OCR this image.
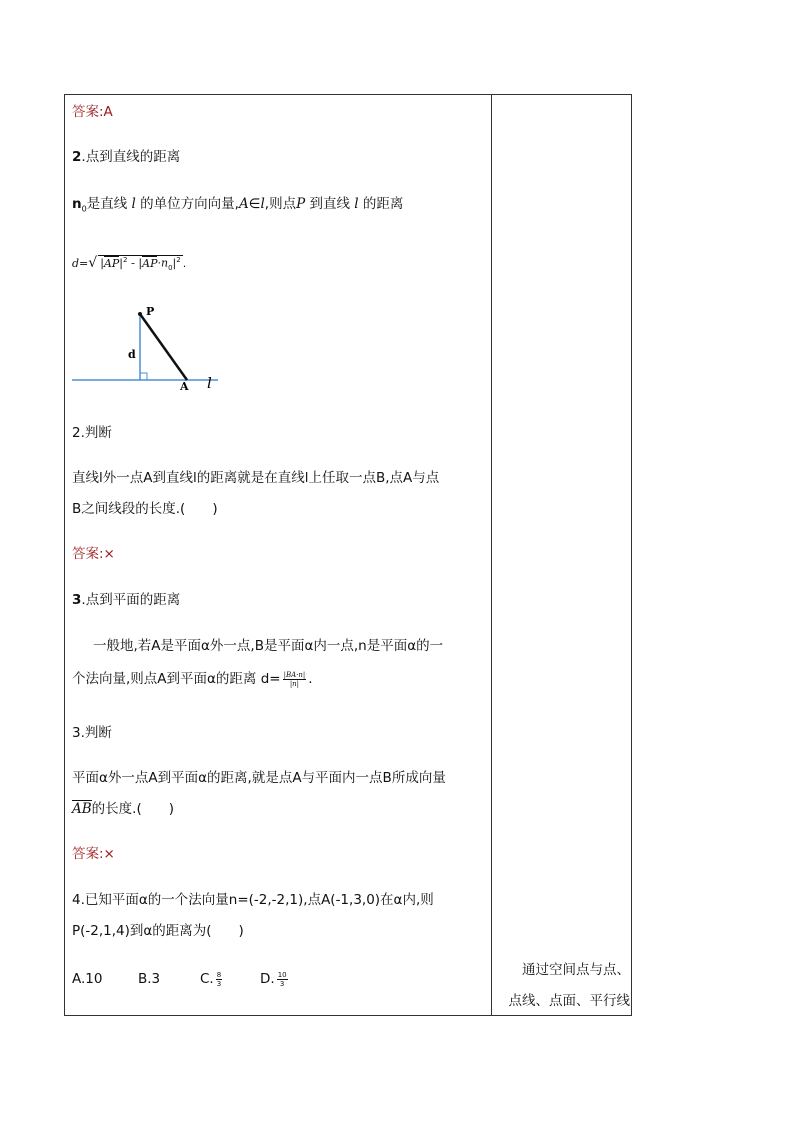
答案:A
2.点到直线的距离
$n_0$是直线 l 的单位方向向量,A∈l,则点P 到直线 l 的距离
d=√ $|AP|^2 - |AP\cdot n_0|^2$ .
P
d
A l
2.判断
直线l外一点A到直线l的距离就是在直线l上任取一点B,点A与点
B之间线段的长度.(　　)
答案:×
3.点到平面的距离
一般地,若A是平面α外一点,B是平面α内一点,n是平面α的一
个法向量,则点A到平面α的距离 $d= \frac{|BA\cdot n|}{|n|}$ .
3.判断
平面α外一点A到平面α的距离,就是点A与平面内一点B所成向量
AB的长度.(　　)
答案:×
4.已知平面α的一个法向量n=(-2,-2,1),点A(-1,3,0)在α内,则
P(-2,1,4)到α的距离为(　　)
A.10	B.3	C. $\frac{8}{3}$	D. $\frac{10}{3}$
通过空间点与点、
点线、点面、平行线
